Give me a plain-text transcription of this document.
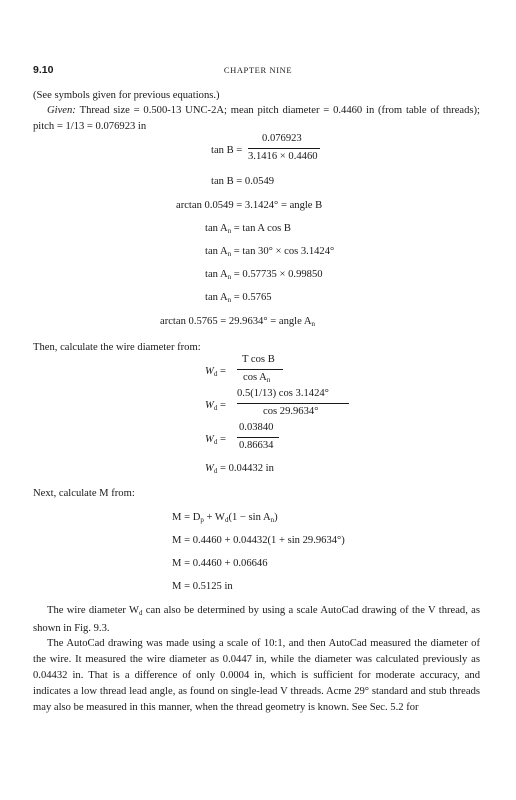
9.10	CHAPTER NINE
(See symbols given for previous equations.)
Given: Thread size = 0.500-13 UNC-2A; mean pitch diameter = 0.4460 in (from table of threads); pitch = 1/13 = 0.076923 in
tan B =
0.076923
3.1416 × 0.4460
tan B = 0.0549
arctan 0.0549 = 3.1424° = angle B
$\tan A_n = \tan A$ cos B
$\tan A_n = \tan 30^\circ \times \cos 3.1424^\circ$
$\tan A_n = 0.57735 \times 0.99850$
$\tan A_n = 0.5765$
arctan 0.5765 = 29.9634° = angle $A_n$
Then, calculate the wire diameter from:
$W_d$ =
T cos B
$\cos A_n$
$W_d$ =
0.5(1/13) cos 3.1424°
cos 29.9634°
$W_d$ =
0.03840
0.86634
$W_d = 0.04432$ in
Next, calculate M from:
$M = D_p + W_d(1 - \sin A_n)$
M = 0.4460 + 0.04432(1 + sin 29.9634°)
M = 0.4460 + 0.06646
M = 0.5125 in
The wire diameter $W_d$ can also be determined by using a scale AutoCad drawing of the V thread, as shown in Fig. 9.3.
The AutoCad drawing was made using a scale of 10:1, and then AutoCad measured the diameter of the wire. It measured the wire diameter as 0.0447 in, while the diameter was calculated previously as 0.04432 in. That is a difference of only 0.0004 in, which is sufficient for moderate accuracy, and indicates a low thread lead angle, as found on single-lead V threads. Acme 29° standard and stub threads may also be measured in this manner, when the thread geometry is known. See Sec. 5.2 for
